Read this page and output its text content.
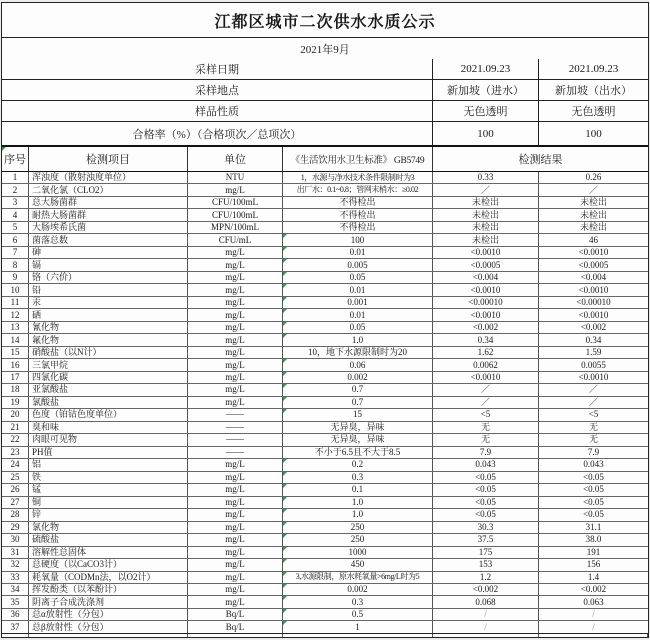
江都区城市二次供水水质公示
2021年9月
采样日期	2021.09.23	2021.09.23
采样地点	新加坡（进水）	新加坡（出水）
样品性质	无色透明	无色透明
合格率（%）（合格项次／总项次）	100	100
序号	检测项目	单位	《生活饮用水卫生标准》 GB5749	检测结果
1	浑浊度（散射浊度单位）	NTU	1，水源与净水技术条件限制时为3	0.33	0.26
2	二氧化氯（CLO2）	mg/L	出厂水：0.1~0.8；管网末梢水：≥0.02	／	／
3	总大肠菌群	CFU/100mL	不得检出	未检出	未检出
4	耐热大肠菌群	CFU/100mL	不得检出	未检出	未检出
5	大肠埃希氏菌	MPN/100mL	不得检出	未检出	未检出
6	菌落总数	CFU/mL	100	未检出	46
7	砷	mg/L	0.01	<0.0010	<0.0010
8	镉	mg/L	0.005	<0.0005	<0.0005
9	铬（六价）	mg/L	0.05	<0.004	<0.004
10	铅	mg/L	0.01	<0.0010	<0.0010
11	汞	mg/L	0.001	<0.00010	<0.00010
12	硒	mg/L	0.01	<0.0010	<0.0010
13	氰化物	mg/L	0.05	<0.002	<0.002
14	氟化物	mg/L	1.0	0.34	0.34
15	硝酸盐（以N计）	mg/L	10，地下水源限制时为20	1.62	1.59
16	三氯甲烷	mg/L	0.06	0.0062	0.0055
17	四氯化碳	mg/L	0.002	<0.0010	<0.0010
18	亚氯酸盐	mg/L	0.7	／	／
19	氯酸盐	mg/L	0.7	／	／
20	色度（铂钴色度单位）	——	15	<5	<5
21	臭和味	——	无异臭，异味	无	无
22	肉眼可见物	——	无异臭，异味	无	无
23	PH值	——	不小于6.5且不大于8.5	7.9	7.9
24	铝	mg/L	0.2	0.043	0.043
25	铁	mg/L	0.3	<0.05	<0.05
26	锰	mg/L	0.1	<0.05	<0.05
27	铜	mg/L	1.0	<0.05	<0.05
28	锌	mg/L	1.0	<0.05	<0.05
29	氯化物	mg/L	250	30.3	31.1
30	硫酸盐	mg/L	250	37.5	38.0
31	溶解性总固体	mg/L	1000	175	191
32	总硬度（以CaCO3计）	mg/L	450	153	156
33	耗氧量（CODMn法，以O2计）	mg/L	3,水源限制，原水耗氧量>6mg/L时为5	1.2	1.4
34	挥发酚类（以苯酚计）	mg/L	0.002	<0.002	<0.002
35	阴离子合成洗涤剂	mg/L	0.3	0.068	0.063
36	总α放射性（分包）	Bq/L	0.5	/	/
37	总β放射性（分包）	Bq/L	1	/	/
